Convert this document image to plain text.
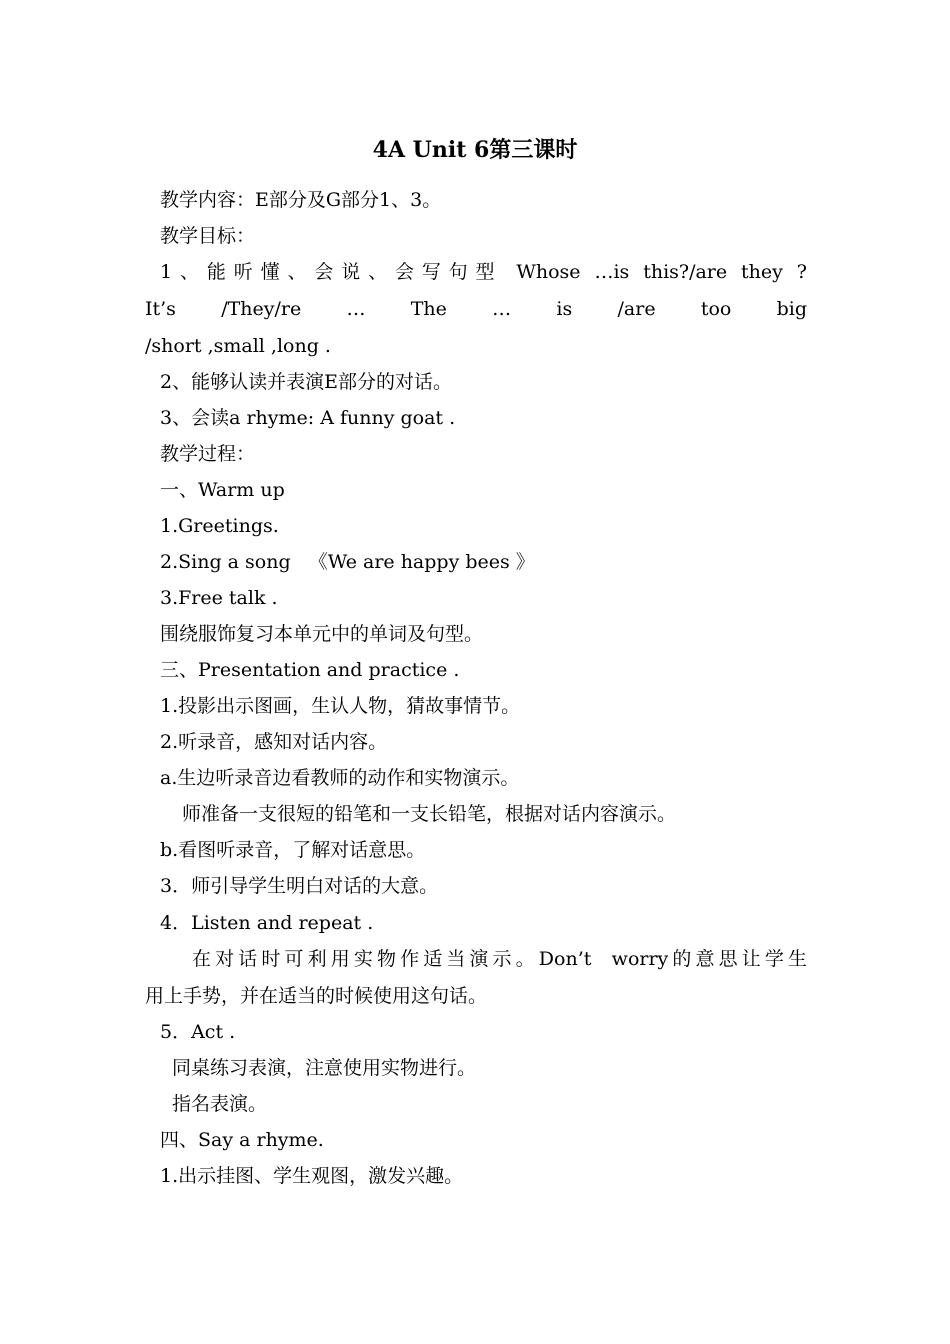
4A Unit 6第三课时
教学内容：E部分及G部分1、3。
教学目标：
1、能听懂、会说、会写句型 Whose …is this?/are they ?
It’s /They/re … The … is /are too big
/short ,small ,long .
2、能够认读并表演E部分的对话。
3、会读a rhyme: A funny goat .
教学过程：
一、Warm up
1.Greetings.
2.Sing a song   《We are happy bees 》
3.Free talk .
围绕服饰复习本单元中的单词及句型。
三、Presentation and practice .
1.投影出示图画，生认人物，猜故事情节。
2.听录音，感知对话内容。
a.生边听录音边看教师的动作和实物演示。
师准备一支很短的铅笔和一支长铅笔，根据对话内容演示。
b.看图听录音，了解对话意思。
3．师引导学生明白对话的大意。
4．Listen and repeat .
在对话时可利用实物作适当演示。Don’t  worry的意思让学生
用上手势，并在适当的时候使用这句话。
5．Act .
同桌练习表演，注意使用实物进行。
指名表演。
四、Say a rhyme.
1.出示挂图、学生观图，激发兴趣。
